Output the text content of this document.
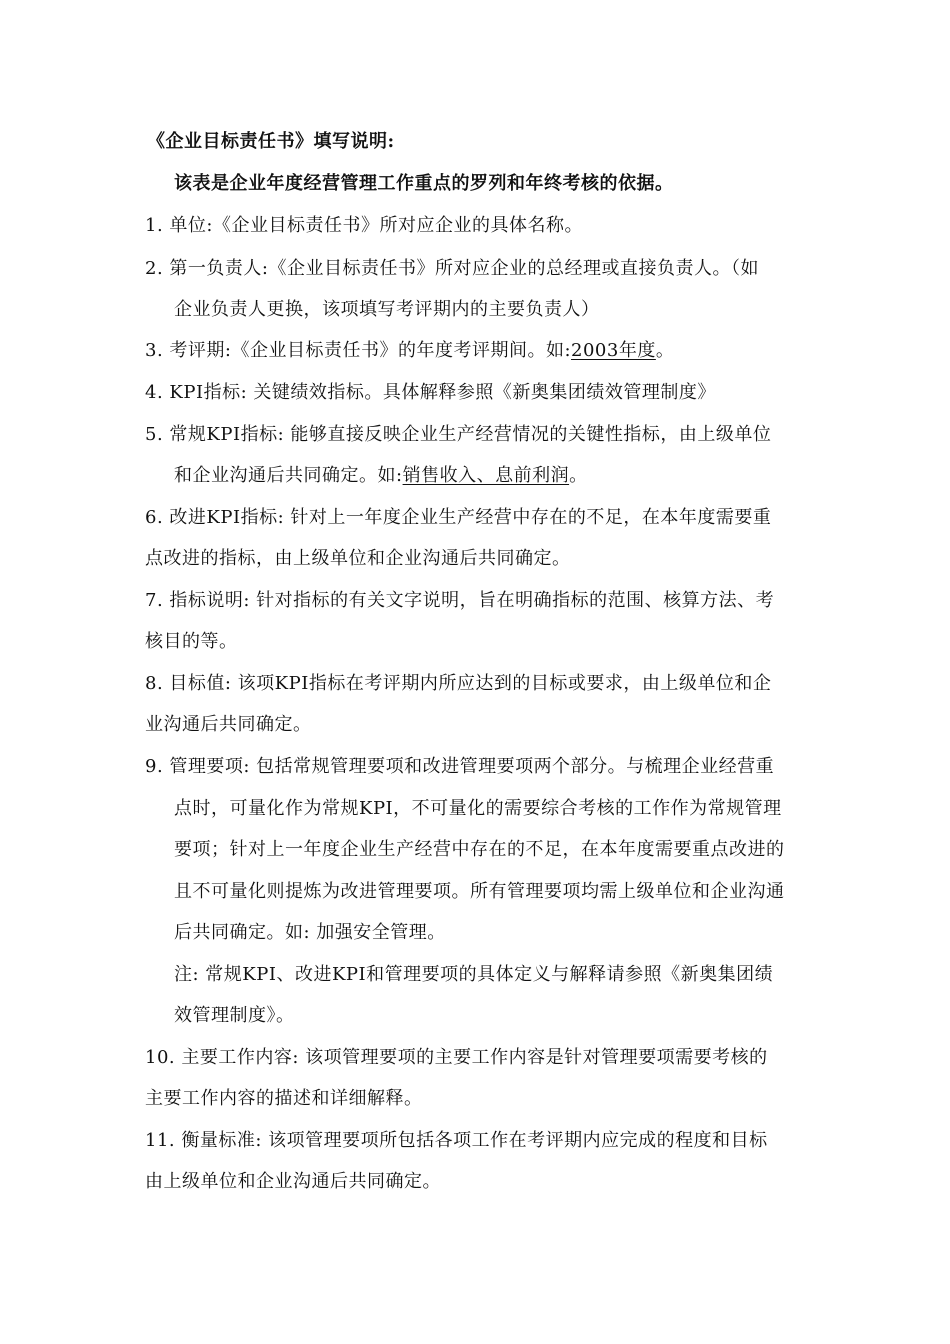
《企业目标责任书》填写说明:
该表是企业年度经营管理工作重点的罗列和年终考核的依据。
1. 单位:《企业目标责任书》所对应企业的具体名称。
2. 第一负责人:《企业目标责任书》所对应企业的总经理或直接负责人。（如
企业负责人更换，该项填写考评期内的主要负责人）
3. 考评期:《企业目标责任书》的年度考评期间。如:2003年度。
4. KPI指标: 关键绩效指标。具体解释参照《新奥集团绩效管理制度》
5. 常规KPI指标: 能够直接反映企业生产经营情况的关键性指标，由上级单位
和企业沟通后共同确定。如:销售收入、息前利润。
6. 改进KPI指标: 针对上一年度企业生产经营中存在的不足，在本年度需要重
点改进的指标，由上级单位和企业沟通后共同确定。
7. 指标说明: 针对指标的有关文字说明，旨在明确指标的范围、核算方法、考
核目的等。
8. 目标值: 该项KPI指标在考评期内所应达到的目标或要求，由上级单位和企
业沟通后共同确定。
9. 管理要项: 包括常规管理要项和改进管理要项两个部分。与梳理企业经营重
点时，可量化作为常规KPI，不可量化的需要综合考核的工作作为常规管理
要项；针对上一年度企业生产经营中存在的不足，在本年度需要重点改进的
且不可量化则提炼为改进管理要项。所有管理要项均需上级单位和企业沟通
后共同确定。如: 加强安全管理。
注: 常规KPI、改进KPI和管理要项的具体定义与解释请参照《新奥集团绩
效管理制度》。
10. 主要工作内容: 该项管理要项的主要工作内容是针对管理要项需要考核的
主要工作内容的描述和详细解释。
11. 衡量标准: 该项管理要项所包括各项工作在考评期内应完成的程度和目标
由上级单位和企业沟通后共同确定。
